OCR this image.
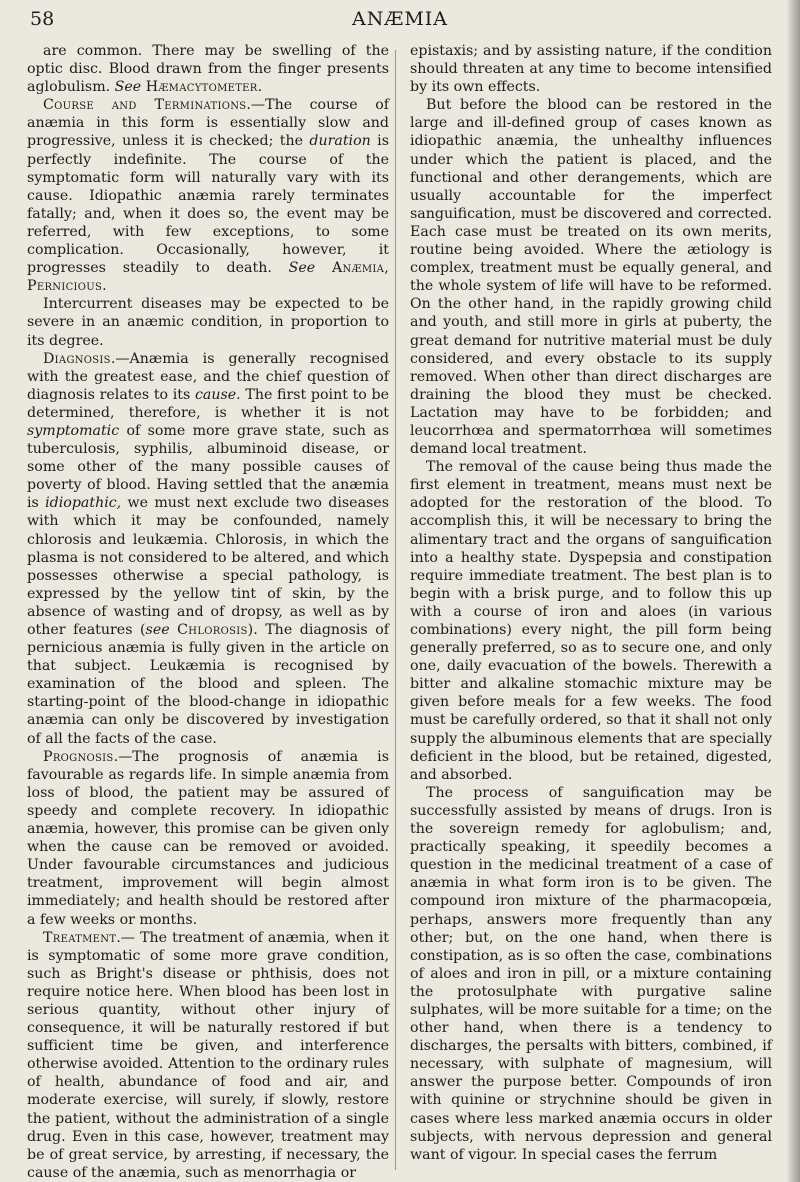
58	ANÆMIA

are common. There may be swelling of the optic disc. Blood drawn from the finger presents aglobulism. See Hæmacytometer.

Course and Terminations.—The course of anæmia in this form is essentially slow and progressive, unless it is checked; the duration is perfectly indefinite. The course of the symptomatic form will naturally vary with its cause. Idiopathic anæmia rarely terminates fatally; and, when it does so, the event may be referred, with few exceptions, to some complication. Occasionally, however, it progresses steadily to death. See Anæmia, Pernicious.

Intercurrent diseases may be expected to be severe in an anæmic condition, in proportion to its degree.

Diagnosis.—Anæmia is generally recognised with the greatest ease, and the chief question of diagnosis relates to its cause. The first point to be determined, therefore, is whether it is not symptomatic of some more grave state, such as tuberculosis, syphilis, albuminoid disease, or some other of the many possible causes of poverty of blood. Having settled that the anæmia is idiopathic, we must next exclude two diseases with which it may be confounded, namely chlorosis and leukæmia. Chlorosis, in which the plasma is not considered to be altered, and which possesses otherwise a special pathology, is expressed by the yellow tint of skin, by the absence of wasting and of dropsy, as well as by other features (see Chlorosis). The diagnosis of pernicious anæmia is fully given in the article on that subject. Leukæmia is recognised by examination of the blood and spleen. The starting-point of the blood-change in idiopathic anæmia can only be discovered by investigation of all the facts of the case.

Prognosis.—The prognosis of anæmia is favourable as regards life. In simple anæmia from loss of blood, the patient may be assured of speedy and complete recovery. In idiopathic anæmia, however, this promise can be given only when the cause can be removed or avoided. Under favourable circumstances and judicious treatment, improvement will begin almost immediately; and health should be restored after a few weeks or months.

Treatment.— The treatment of anæmia, when it is symptomatic of some more grave condition, such as Bright's disease or phthisis, does not require notice here. When blood has been lost in serious quantity, without other injury of consequence, it will be naturally restored if but sufficient time be given, and interference otherwise avoided. Attention to the ordinary rules of health, abundance of food and air, and moderate exercise, will surely, if slowly, restore the patient, without the administration of a single drug. Even in this case, however, treatment may be of great service, by arresting, if necessary, the cause of the anæmia, such as menorrhagia or

epistaxis; and by assisting nature, if the condition should threaten at any time to become intensified by its own effects.

But before the blood can be restored in the large and ill-defined group of cases known as idiopathic anæmia, the unhealthy influences under which the patient is placed, and the functional and other derangements, which are usually accountable for the imperfect sanguification, must be discovered and corrected. Each case must be treated on its own merits, routine being avoided. Where the ætiology is complex, treatment must be equally general, and the whole system of life will have to be reformed. On the other hand, in the rapidly growing child and youth, and still more in girls at puberty, the great demand for nutritive material must be duly considered, and every obstacle to its supply removed. When other than direct discharges are draining the blood they must be checked. Lactation may have to be forbidden; and leucorrhœa and spermatorrhœa will sometimes demand local treatment.

The removal of the cause being thus made the first element in treatment, means must next be adopted for the restoration of the blood. To accomplish this, it will be necessary to bring the alimentary tract and the organs of sanguification into a healthy state. Dyspepsia and constipation require immediate treatment. The best plan is to begin with a brisk purge, and to follow this up with a course of iron and aloes (in various combinations) every night, the pill form being generally preferred, so as to secure one, and only one, daily evacuation of the bowels. Therewith a bitter and alkaline stomachic mixture may be given before meals for a few weeks. The food must be carefully ordered, so that it shall not only supply the albuminous elements that are specially deficient in the blood, but be retained, digested, and absorbed.

The process of sanguification may be successfully assisted by means of drugs. Iron is the sovereign remedy for aglobulism; and, practically speaking, it speedily becomes a question in the medicinal treatment of a case of anæmia in what form iron is to be given. The compound iron mixture of the pharmacopœia, perhaps, answers more frequently than any other; but, on the one hand, when there is constipation, as is so often the case, combinations of aloes and iron in pill, or a mixture containing the protosulphate with purgative saline sulphates, will be more suitable for a time; on the other hand, when there is a tendency to discharges, the persalts with bitters, combined, if necessary, with sulphate of magnesium, will answer the purpose better. Compounds of iron with quinine or strychnine should be given in cases where less marked anæmia occurs in older subjects, with nervous depression and general want of vigour. In special cases the ferrum
